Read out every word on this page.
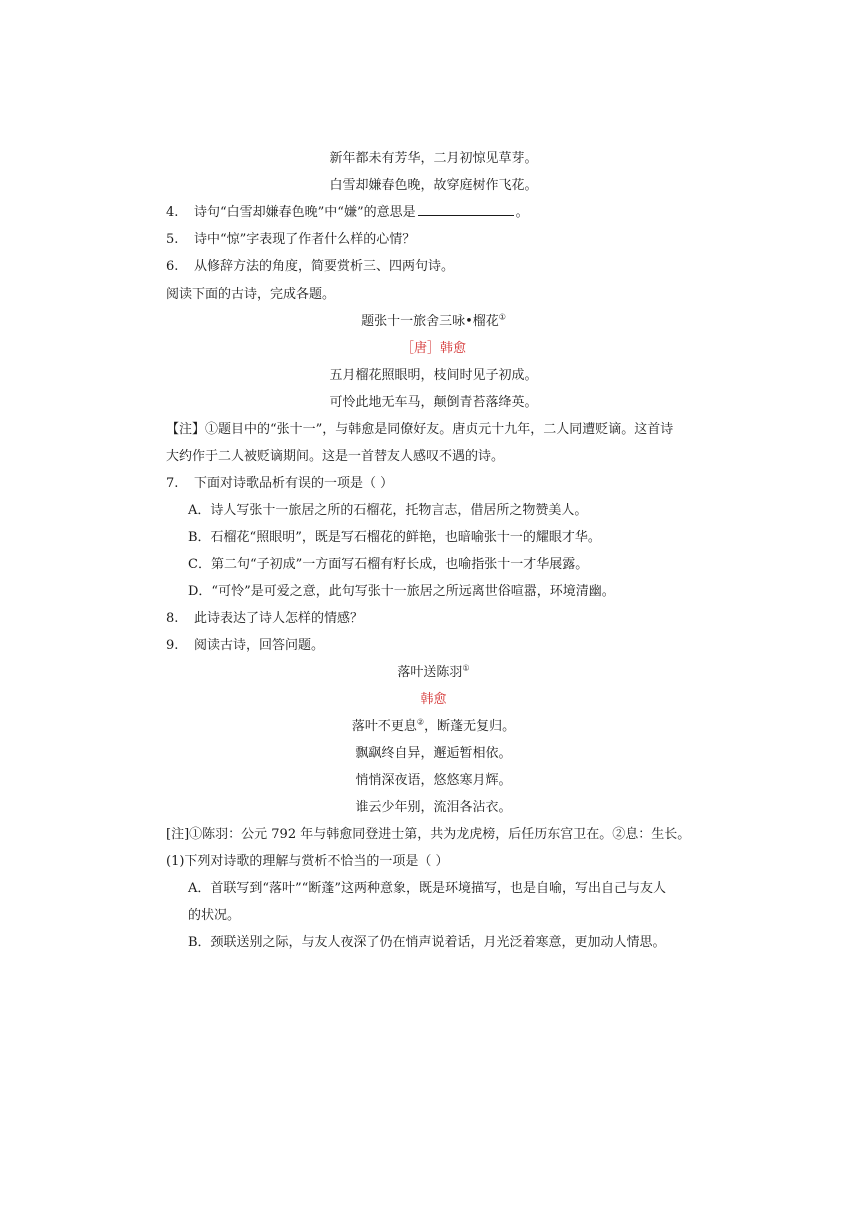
新年都未有芳华，二月初惊见草芽。
白雪却嫌春色晚，故穿庭树作飞花。
4. 诗句“白雪却嫌春色晚”中“嫌”的意思是	。
5. 诗中“惊”字表现了作者什么样的心情？
6. 从修辞方法的角度，简要赏析三、四两句诗。
阅读下面的古诗，完成各题。
题张十一旅舍三咏•榴花①
［唐］韩愈
五月榴花照眼明，枝间时见子初成。
可怜此地无车马，颠倒青苔落绛英。
【注】①题目中的“张十一”，与韩愈是同僚好友。唐贞元十九年，二人同遭贬谪。这首诗
大约作于二人被贬谪期间。这是一首替友人感叹不遇的诗。
7. 下面对诗歌品析有误的一项是（ ）
A．诗人写张十一旅居之所的石榴花，托物言志，借居所之物赞美人。
B．石榴花“照眼明”，既是写石榴花的鲜艳，也暗喻张十一的耀眼才华。
C．第二句“子初成”一方面写石榴有籽长成，也喻指张十一才华展露。
D．“可怜”是可爱之意，此句写张十一旅居之所远离世俗喧嚣，环境清幽。
8. 此诗表达了诗人怎样的情感？
9. 阅读古诗，回答问题。
落叶送陈羽①
韩愈
落叶不更息②，断蓬无复归。
飘飖终自异，邂逅暂相依。
悄悄深夜语，悠悠寒月辉。
谁云少年别，流泪各沾衣。
[注]①陈羽：公元 792 年与韩愈同登进士第，共为龙虎榜，后任历东宫卫在。②息：生长。
(1)下列对诗歌的理解与赏析不恰当的一项是（ ）
A．首联写到“落叶”“断蓬”这两种意象，既是环境描写，也是自喻，写出自己与友人
的状况。
B．颈联送别之际，与友人夜深了仍在悄声说着话，月光泛着寒意，更加动人情思。
